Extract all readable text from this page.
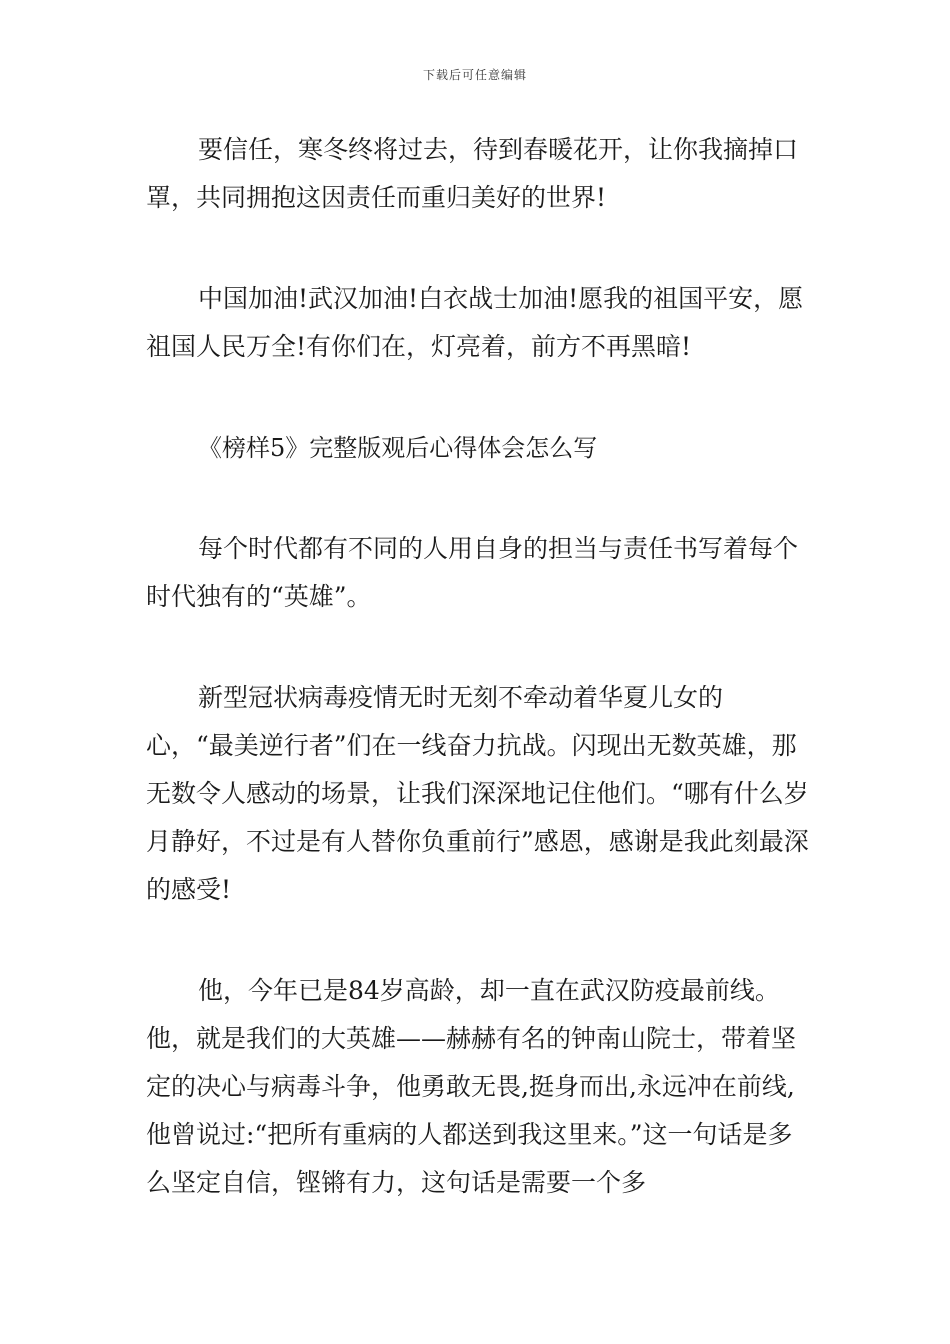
下载后可任意编辑

要信任，寒冬终将过去，待到春暖花开，让你我摘掉口罩，共同拥抱这因责任而重归美好的世界!

中国加油!武汉加油!白衣战士加油!愿我的祖国平安，愿祖国人民万全!有你们在，灯亮着，前方不再黑暗!

《榜样5》完整版观后心得体会怎么写

每个时代都有不同的人用自身的担当与责任书写着每个时代独有的“英雄”。

新型冠状病毒疫情无时无刻不牵动着华夏儿女的心，“最美逆行者”们在一线奋力抗战。闪现出无数英雄，那无数令人感动的场景，让我们深深地记住他们。“哪有什么岁月静好，不过是有人替你负重前行”感恩，感谢是我此刻最深的感受!

他，今年已是84岁高龄，却一直在武汉防疫最前线。他，就是我们的大英雄——赫赫有名的钟南山院士，带着坚定的决心与病毒斗争，他勇敢无畏,挺身而出,永远冲在前线,他曾说过:“把所有重病的人都送到我这里来。”这一句话是多么坚定自信，铿锵有力，这句话是需要一个多
